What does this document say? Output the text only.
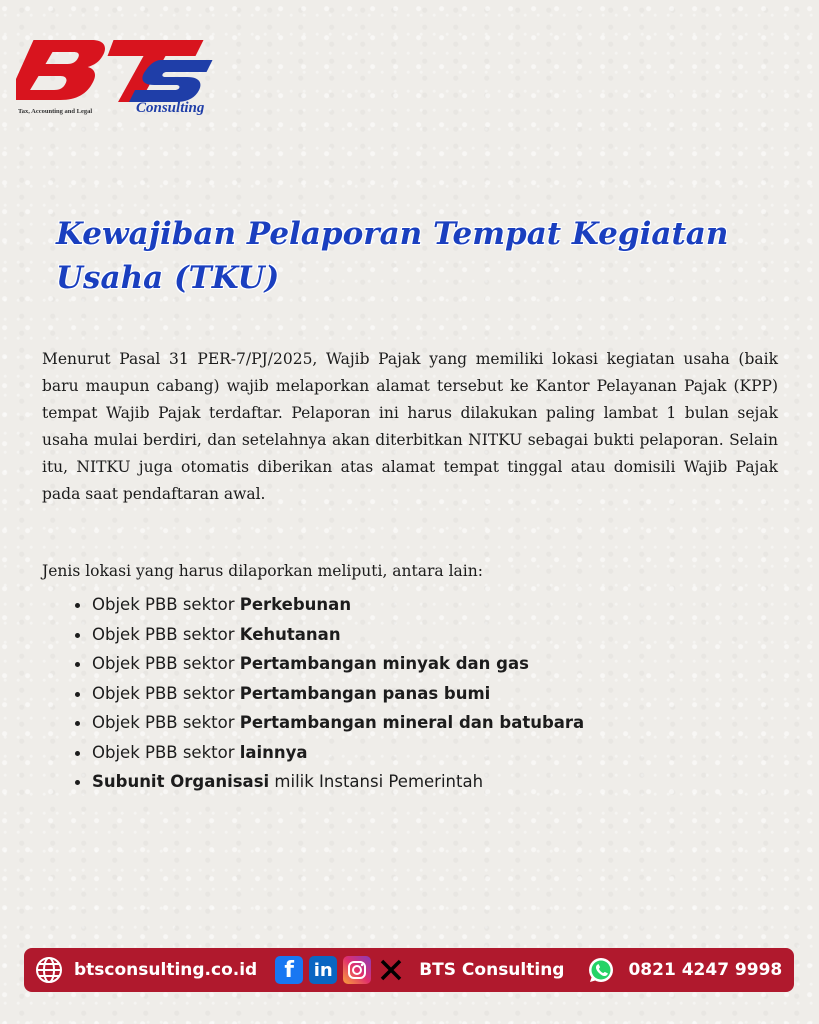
Tax, Accounting and Legal	Consulting
Kewajiban Pelaporan Tempat Kegiatan
Usaha (TKU)

Menurut Pasal 31 PER-7/PJ/2025, Wajib Pajak yang memiliki lokasi kegiatan usaha (baik baru maupun cabang) wajib melaporkan alamat tersebut ke Kantor Pelayanan Pajak (KPP) tempat Wajib Pajak terdaftar. Pelaporan ini harus dilakukan paling lambat 1 bulan sejak usaha mulai berdiri, dan setelahnya akan diterbitkan NITKU sebagai bukti pelaporan. Selain itu, NITKU juga otomatis diberikan atas alamat tempat tinggal atau domisili Wajib Pajak pada saat pendaftaran awal.

Jenis lokasi yang harus dilaporkan meliputi, antara lain:

• Objek PBB sektor Perkebunan
• Objek PBB sektor Kehutanan
• Objek PBB sektor Pertambangan minyak dan gas
• Objek PBB sektor Pertambangan panas bumi
• Objek PBB sektor Pertambangan mineral dan batubara
• Objek PBB sektor lainnya
• Subunit Organisasi milik Instansi Pemerintah
btsconsulting.co.id	f	in	BTS Consulting	0821 4247 9998
